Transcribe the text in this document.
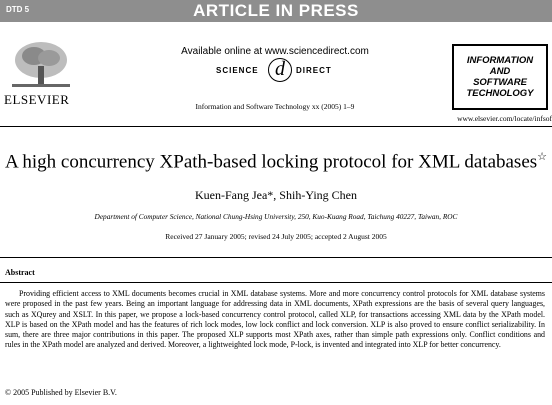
DTD 5	ARTICLE IN PRESS
ELSEVIER
Available online at www.sciencedirect.com
SCIENCE d	DIRECT
Information and Software Technology xx (2005) 1–9
INFORMATION
AND
SOFTWARE
TECHNOLOGY
www.elsevier.com/locate/infsof
A high concurrency XPath-based locking protocol for XML databases☆
Kuen-Fang Jea*, Shih-Ying Chen
Department of Computer Science, National Chung-Hsing University, 250, Kuo-Kuang Road, Taichung 40227, Taiwan, ROC
Received 27 January 2005; revised 24 July 2005; accepted 2 August 2005
Abstract

Providing efficient access to XML documents becomes crucial in XML database systems. More and more concurrency control protocols for XML database systems were proposed in the past few years. Being an important language for addressing data in XML documents, XPath expressions are the basis of several query languages, such as XQurey and XSLT. In this paper, we propose a lock-based concurrency control protocol, called XLP, for transactions accessing XML data by the XPath model. XLP is based on the XPath model and has the features of rich lock modes, low lock conflict and lock conversion. XLP is also proved to ensure conflict serializability. In sum, there are three major contributions in this paper. The proposed XLP supports most XPath axes, rather than simple path expressions only. Conflict conditions and rules in the XPath model are analyzed and derived. Moreover, a lightweighted lock mode, P-lock, is invented and integrated into XLP for better concurrency.

© 2005 Published by Elsevier B.V.
